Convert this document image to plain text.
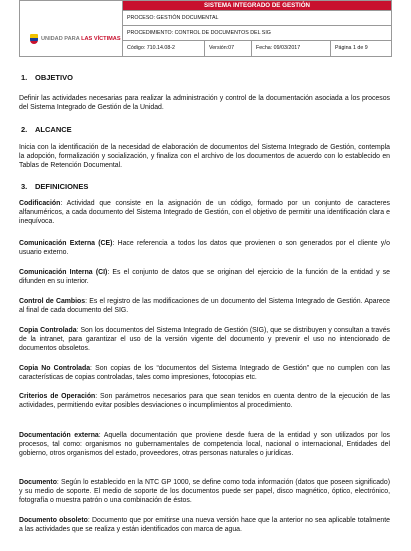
UNIDAD PARA LAS VÍCTIMAS
SISTEMA INTEGRADO DE GESTIÓN
PROCESO: GESTIÓN DOCUMENTAL
PROCEDIMIENTO: CONTROL DE DOCUMENTOS DEL SIG
Código: 710.14.08-2	Versión:07	Fecha: 09/03/2017	Página 1 de 9
1. OBJETIVO
Definir las actividades necesarias para realizar la administración y control de la documentación asociada a los procesos del Sistema Integrado de Gestión de la Unidad.
2. ALCANCE
Inicia con la identificación de la necesidad de elaboración de documentos del Sistema Integrado de Gestión, contempla la adopción, formalización y socialización, y finaliza con el archivo de los documentos de acuerdo con lo establecido en Tablas de Retención Documental.
3. DEFINICIONES
Codificación: Actividad que consiste en la asignación de un código, formado por un conjunto de caracteres alfanuméricos, a cada documento del Sistema Integrado de Gestión, con el objetivo de permitir una identificación clara e inequívoca.
Comunicación Externa (CE): Hace referencia a todos los datos que provienen o son generados por el cliente y/o usuario externo.
Comunicación Interna (CI): Es el conjunto de datos que se originan del ejercicio de la función de la entidad y se difunden en su interior.
Control de Cambios: Es el registro de las modificaciones de un documento del Sistema Integrado de Gestión. Aparece al final de cada documento del SIG.
Copia Controlada: Son los documentos del Sistema Integrado de Gestión (SIG), que se distribuyen y consultan a través de la intranet, para garantizar el uso de la versión vigente del documento y prevenir el uso no intencionado de documentos obsoletos.
Copia No Controlada: Son copias de los “documentos del Sistema Integrado de Gestión” que no cumplen con las características de copias controladas, tales como impresiones, fotocopias etc.
Criterios de Operación: Son parámetros necesarios para que sean tenidos en cuenta dentro de la ejecución de las actividades, permitiendo evitar posibles desviaciones o incumplimientos al procedimiento.
Documentación externa: Aquella documentación que proviene desde fuera de la entidad y son utilizados por los procesos, tal como: organismos no gubernamentales de competencia local, nacional o internacional, Entidades del gobierno, otros organismos del estado, proveedores, otras personas naturales o jurídicas.
Documento: Según lo establecido en la NTC GP 1000, se define como toda información (datos que poseen significado) y su medio de soporte. El medio de soporte de los documentos puede ser papel, disco magnético, óptico, electrónico, fotografía o muestra patrón o una combinación de éstos.
Documento obsoleto: Documento que por emitirse una nueva versión hace que la anterior no sea aplicable totalmente a las actividades que se realiza y están identificados con marca de agua.
